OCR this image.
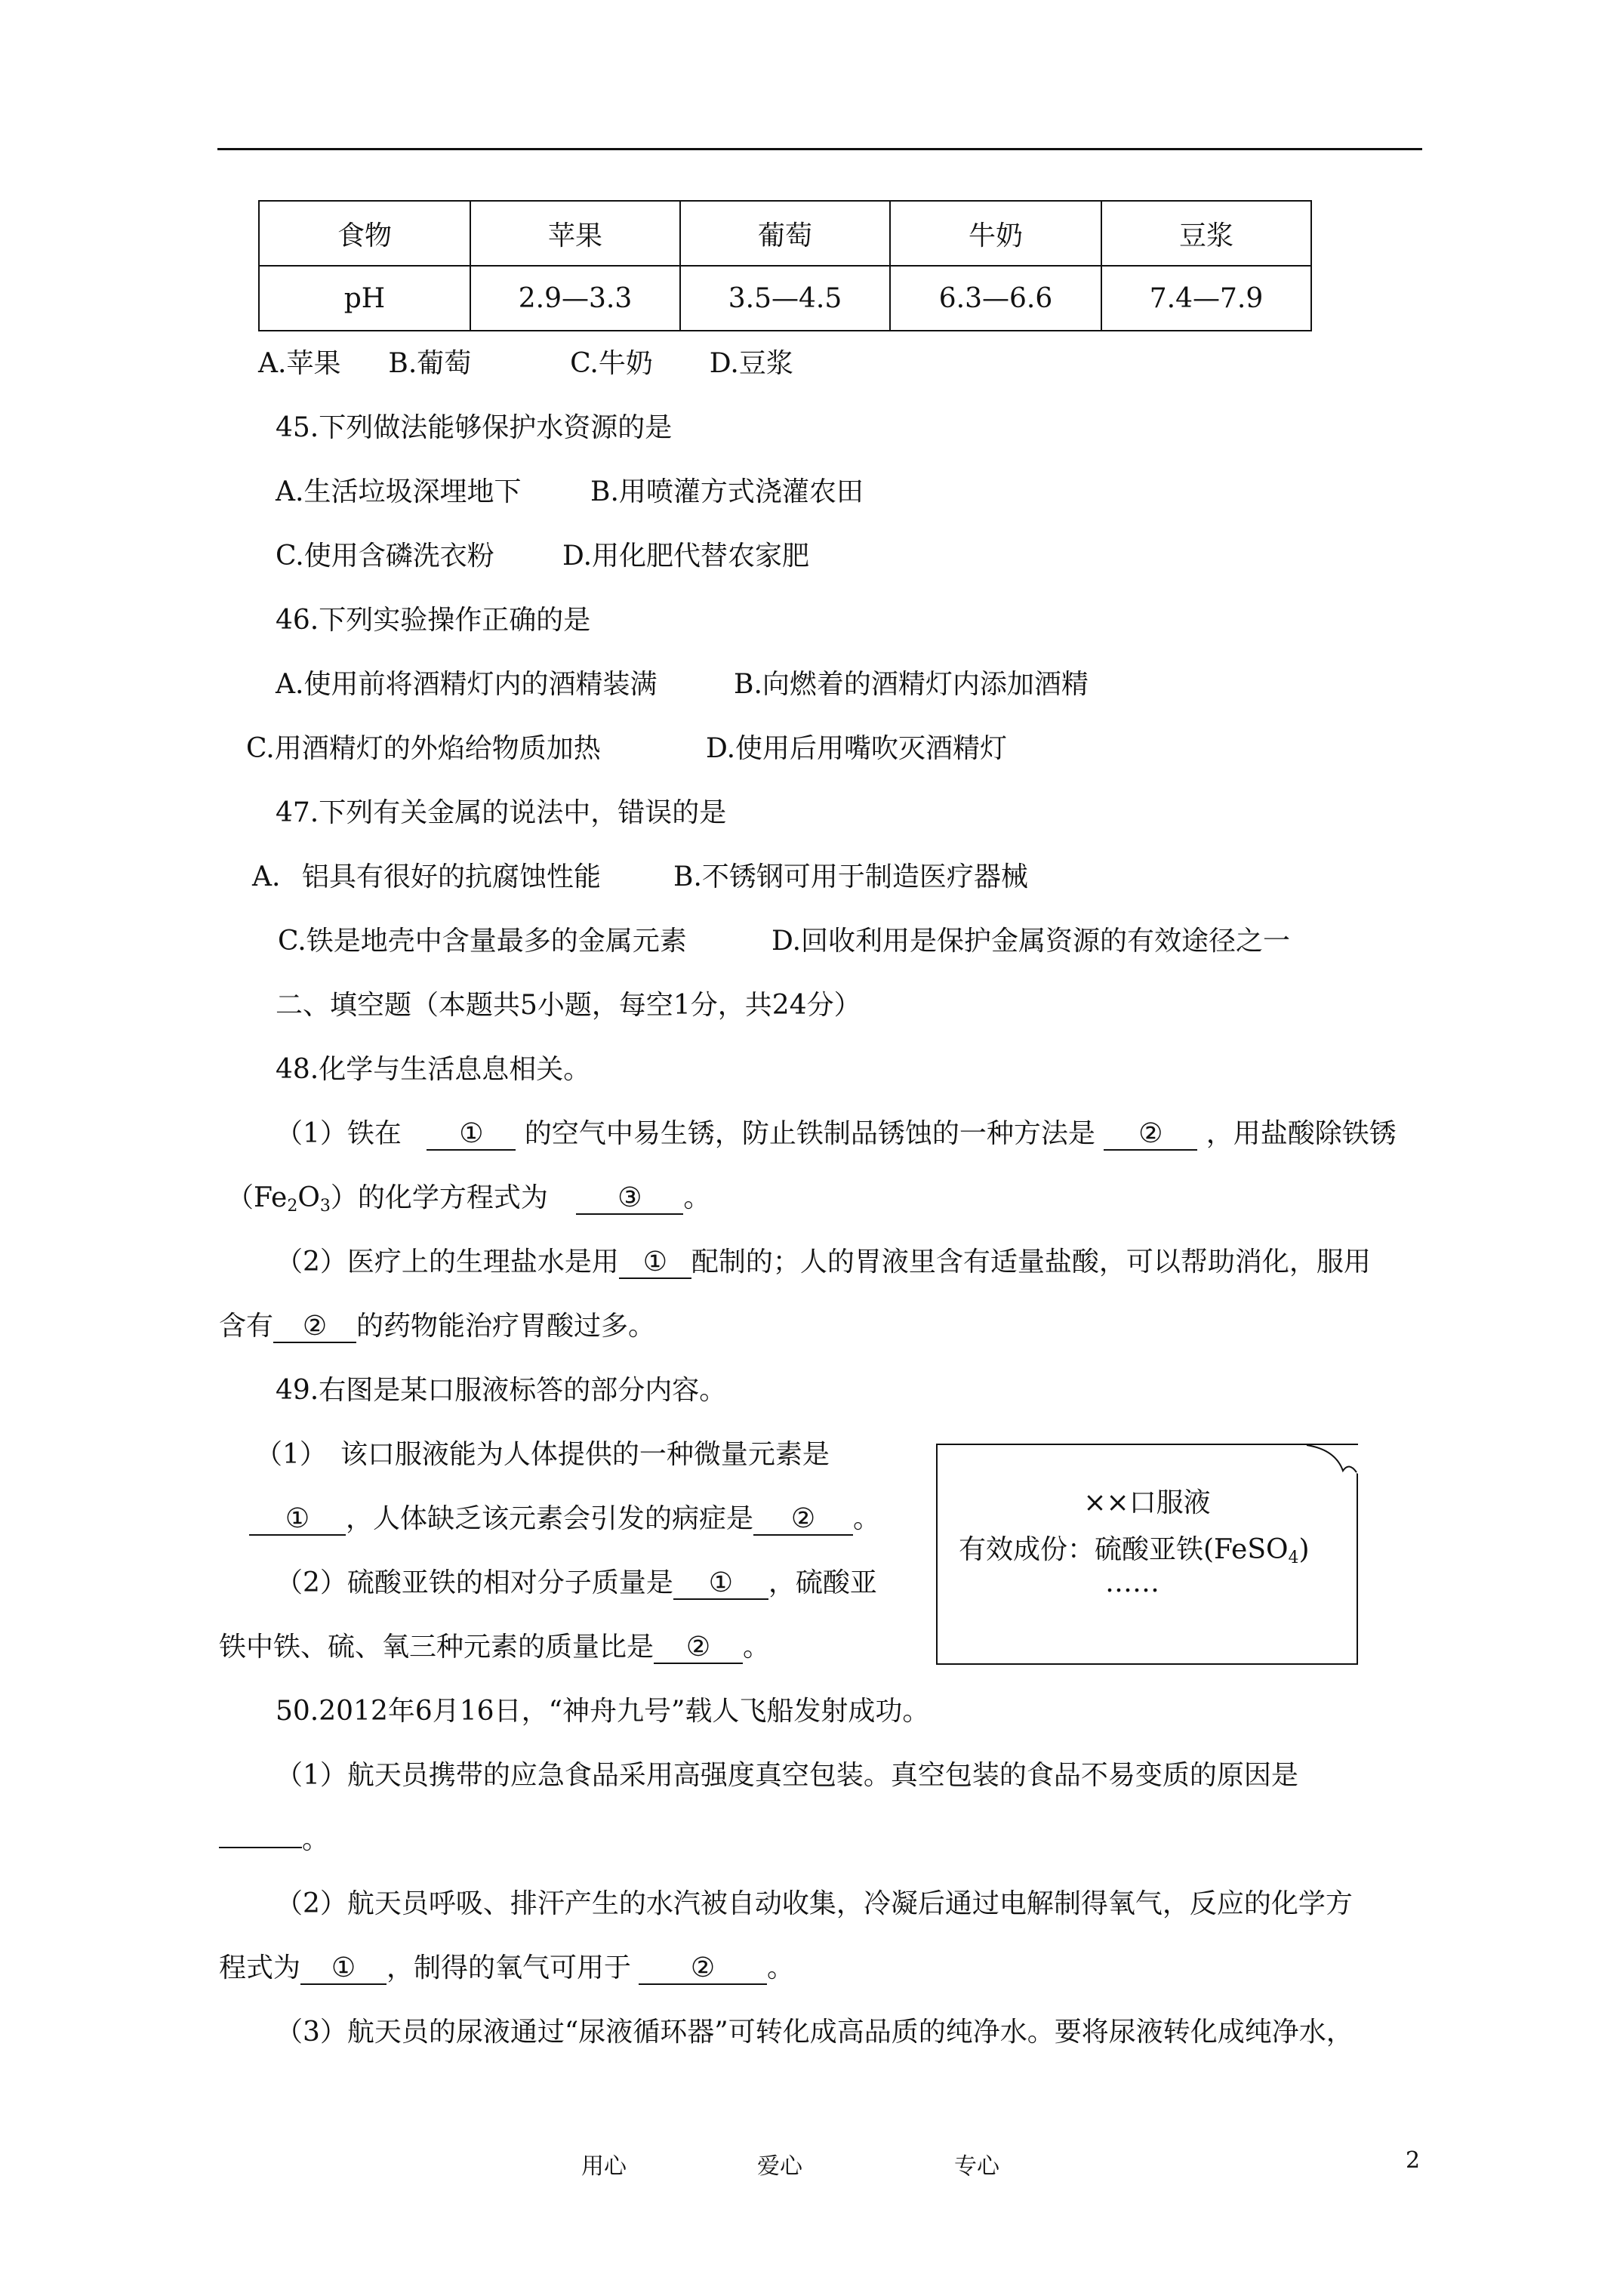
食物	苹果	葡萄	牛奶	豆浆
pH	2.9—3.3	3.5—4.5	6.3—6.6	7.4—7.9
A.苹果 B.葡萄	C.牛奶 D.豆浆
45.下列做法能够保护水资源的是
A.生活垃圾深埋地下	B.用喷灌方式浇灌农田
C.使用含磷洗衣粉	D.用化肥代替农家肥
46.下列实验操作正确的是
A.使用前将酒精灯内的酒精装满	B.向燃着的酒精灯内添加酒精
C.用酒精灯的外焰给物质加热	D.使用后用嘴吹灭酒精灯
47.下列有关金属的说法中，错误的是
A. 铝具有很好的抗腐蚀性能	B.不锈钢可用于制造医疗器械
C.铁是地壳中含量最多的金属元素	D.回收利用是保护金属资源的有效途径之一
二、填空题（本题共5小题，每空1分，共24分）
48.化学与生活息息相关。
（1）铁在 ① 的空气中易生锈，防止铁制品锈蚀的一种方法是 ② ，用盐酸除铁锈
$(Fe_2O_3)$的化学方程式为	③ 。
（2）医疗上的生理盐水是用 ① 配制的；人的胃液里含有适量盐酸，可以帮助消化，服用
含有 ② 的药物能治疗胃酸过多。
49.右图是某口服液标答的部分内容。
（1）　该口服液能为人体提供的一种微量元素是
① ，人体缺乏该元素会引发的病症是 ② 。
（2）硫酸亚铁的相对分子质量是 ① ，硫酸亚
铁中铁、硫、氧三种元素的质量比是 ② 。
××口服液
有效成份：硫酸亚铁(FeSO$_4$)
……
50.2012年6月16日，“神舟九号”载人飞船发射成功。
（1）航天员携带的应急食品采用高强度真空包装。真空包装的食品不易变质的原因是
。
（2）航天员呼吸、排汗产生的水汽被自动收集，冷凝后通过电解制得氧气，反应的化学方
程式为 ① ，制得的氧气可用于 ② 。
（3）航天员的尿液通过“尿液循环器”可转化成高品质的纯净水。要将尿液转化成纯净水，
用心	爱心	专心	2
